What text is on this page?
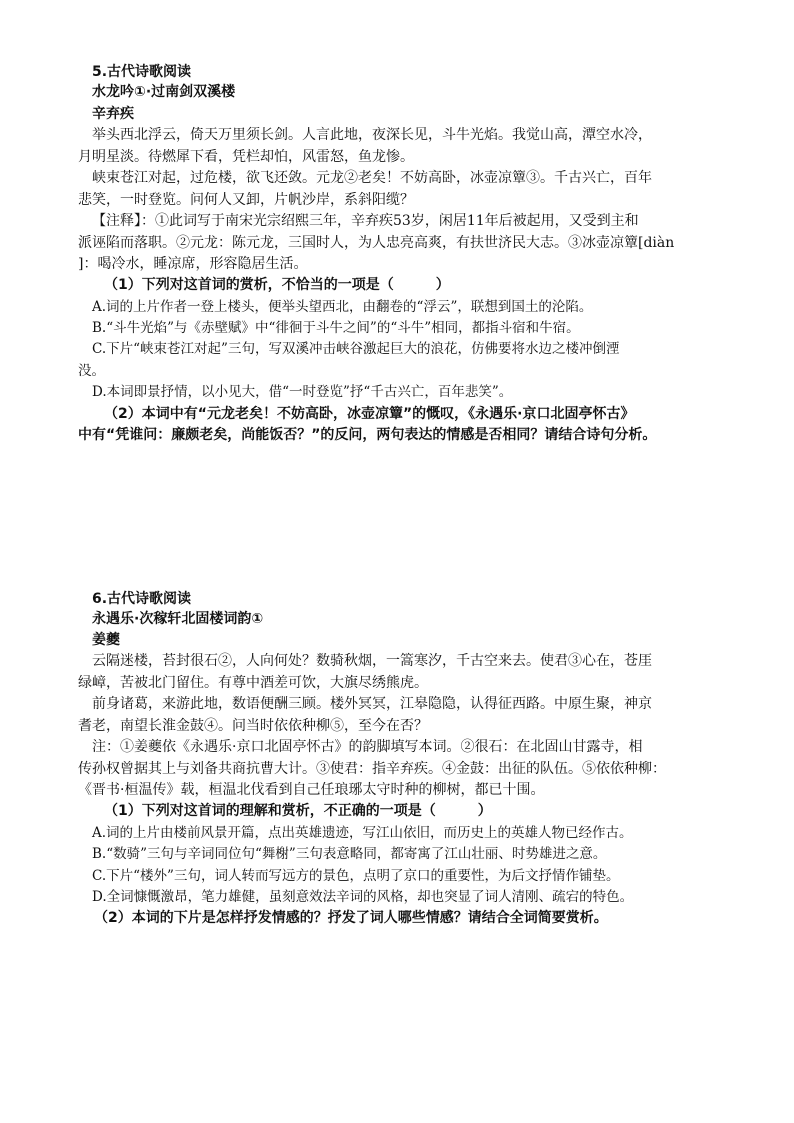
5.古代诗歌阅读
水龙吟①·过南剑双溪楼
辛弃疾
举头西北浮云，倚天万里须长剑。人言此地，夜深长见，斗牛光焰。我觉山高，潭空水冷，
月明星淡。待燃犀下看，凭栏却怕，风雷怒，鱼龙惨。
峡束苍江对起，过危楼，欲飞还敛。元龙②老矣！不妨高卧，冰壶凉簟③。千古兴亡，百年
悲笑，一时登览。问何人又卸，片帆沙岸，系斜阳缆？
【注释】：①此词写于南宋光宗绍熙三年，辛弃疾53岁，闲居11年后被起用，又受到主和
派诬陷而落职。②元龙：陈元龙，三国时人，为人忠亮高爽，有扶世济民大志。③冰壶凉簟[diàn
]：喝冷水，睡凉席，形容隐居生活。
（1）下列对这首词的赏析，不恰当的一项是（　　　）
A.词的上片作者一登上楼头，便举头望西北，由翻卷的“浮云”，联想到国土的沦陷。
B.“斗牛光焰”与《赤壁赋》中“徘徊于斗牛之间”的“斗牛”相同，都指斗宿和牛宿。
C.下片“峡束苍江对起”三句，写双溪冲击峡谷激起巨大的浪花，仿佛要将水边之楼冲倒湮
没。
D.本词即景抒情，以小见大，借“一时登览”抒“千古兴亡，百年悲笑”。
（2）本词中有“元龙老矣！不妨高卧，冰壶凉簟”的慨叹，《永遇乐·京口北固亭怀古》
中有“凭谁问：廉颇老矣，尚能饭否？”的反问，两句表达的情感是否相同？请结合诗句分析。
6.古代诗歌阅读
永遇乐·次稼轩北固楼词韵①
姜夔
云隔迷楼，苔封很石②，人向何处？数骑秋烟，一篙寒汐，千古空来去。使君③心在，苍厓
绿嶂，苦被北门留住。有尊中酒差可饮，大旗尽绣熊虎。
前身诸葛，来游此地，数语便酬三顾。楼外冥冥，江皋隐隐，认得征西路。中原生聚，神京
耆老，南望长淮金鼓④。问当时依依种柳⑤，至今在否？
注：①姜夔依《永遇乐·京口北固亭怀古》的韵脚填写本词。②很石：在北固山甘露寺，相
传孙权曾据其上与刘备共商抗曹大计。③使君：指辛弃疾。④金鼓：出征的队伍。⑤依依种柳：
《晋书·桓温传》载，桓温北伐看到自己任琅琊太守时种的柳树，都已十围。
（1）下列对这首词的理解和赏析，不正确的一项是（　　　）
A.词的上片由楼前风景开篇，点出英雄遗迹，写江山依旧，而历史上的英雄人物已经作古。
B.“数骑”三句与辛词同位句“舞榭”三句表意略同，都寄寓了江山壮丽、时势雄进之意。
C.下片“楼外”三句，词人转而写远方的景色，点明了京口的重要性，为后文抒情作铺垫。
D.全词慷慨激昂，笔力雄健，虽刻意效法辛词的风格，却也突显了词人清刚、疏宕的特色。
（2）本词的下片是怎样抒发情感的？抒发了词人哪些情感？请结合全词简要赏析。
